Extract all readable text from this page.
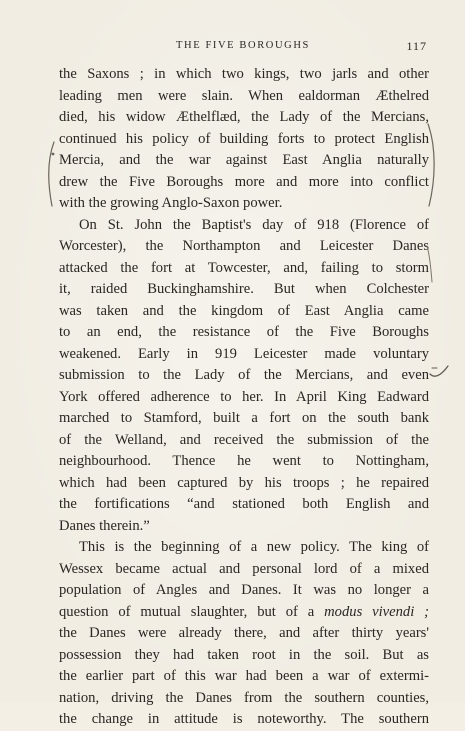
THE FIVE BOROUGHS	117
the Saxons ; in which two kings, two jarls and other
leading men were slain. When ealdorman Æthelred
died, his widow Æthelflæd, the Lady of the Mercians,
continued his policy of building forts to protect English
Mercia, and the war against East Anglia naturally
drew the Five Boroughs more and more into conflict
with the growing Anglo-Saxon power.
On St. John the Baptist's day of 918 (Florence of
Worcester), the Northampton and Leicester Danes
attacked the fort at Towcester, and, failing to storm
it, raided Buckinghamshire. But when Colchester
was taken and the kingdom of East Anglia came
to an end, the resistance of the Five Boroughs
weakened. Early in 919 Leicester made voluntary
submission to the Lady of the Mercians, and even
York offered adherence to her. In April King Eadward
marched to Stamford, built a fort on the south bank
of the Welland, and received the submission of the
neighbourhood. Thence he went to Nottingham,
which had been captured by his troops ; he repaired
the fortifications “and stationed both English and
Danes therein.”
This is the beginning of a new policy. The king of
Wessex became actual and personal lord of a mixed
population of Angles and Danes. It was no longer a
question of mutual slaughter, but of a modus vivendi ;
the Danes were already there, and after thirty years'
possession they had taken root in the soil. But as
the earlier part of this war had been a war of extermi-
nation, driving the Danes from the southern counties,
the change in attitude is noteworthy. The southern
